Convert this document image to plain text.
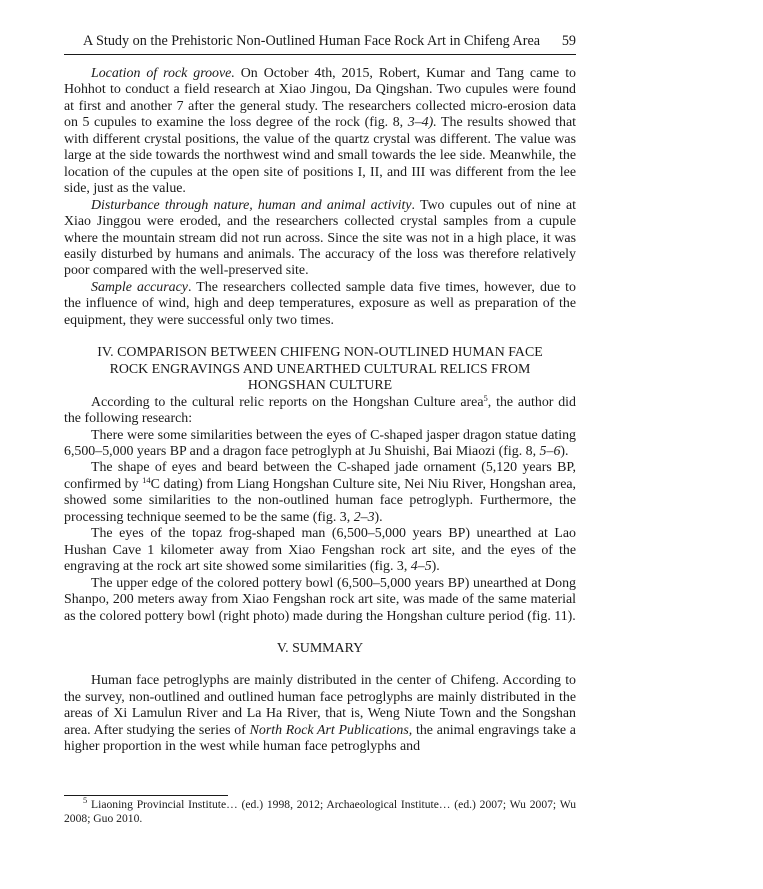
A Study on the Prehistoric Non-Outlined Human Face Rock Art in Chifeng Area 59

Location of rock groove. On October 4th, 2015, Robert, Kumar and Tang came to Hohhot to conduct a field research at Xiao Jingou, Da Qingshan. Two cupules were found at first and another 7 after the general study. The researchers collected micro-erosion data on 5 cupules to examine the loss degree of the rock (fig. 8, 3–4). The results showed that with different crystal positions, the value of the quartz crystal was different. The value was large at the side towards the northwest wind and small towards the lee side. Meanwhile, the location of the cupules at the open site of positions I, II, and III was different from the lee side, just as the value.

Disturbance through nature, human and animal activity. Two cupules out of nine at Xiao Jinggou were eroded, and the researchers collected crystal samples from a cupule where the mountain stream did not run across. Since the site was not in a high place, it was easily disturbed by humans and animals. The accuracy of the loss was therefore relatively poor compared with the well-preserved site.

Sample accuracy. The researchers collected sample data five times, however, due to the influence of wind, high and deep temperatures, exposure as well as preparation of the equipment, they were successful only two times.

IV. COMPARISON BETWEEN CHIFENG NON-OUTLINED HUMAN FACE
ROCK ENGRAVINGS AND UNEARTHED CULTURAL RELICS FROM
HONGSHAN CULTURE

According to the cultural relic reports on the Hongshan Culture area$^5$, the author did the following research:

There were some similarities between the eyes of C-shaped jasper dragon statue dating 6,500–5,000 years BP and a dragon face petroglyph at Ju Shuishi, Bai Miaozi (fig. 8, 5–6).

The shape of eyes and beard between the C-shaped jade ornament (5,120 years BP, confirmed by $^{14}$C dating) from Liang Hongshan Culture site, Nei Niu River, Hongshan area, showed some similarities to the non-outlined human face petroglyph. Furthermore, the processing technique seemed to be the same (fig. 3, 2–3).

The eyes of the topaz frog-shaped man (6,500–5,000 years BP) unearthed at Lao Hushan Cave 1 kilometer away from Xiao Fengshan rock art site, and the eyes of the engraving at the rock art site showed some similarities (fig. 3, 4–5).

The upper edge of the colored pottery bowl (6,500–5,000 years BP) unearthed at Dong Shanpo, 200 meters away from Xiao Fengshan rock art site, was made of the same material as the colored pottery bowl (right photo) made during the Hongshan culture period (fig. 11).

V. SUMMARY

Human face petroglyphs are mainly distributed in the center of Chifeng. According to the survey, non-outlined and outlined human face petroglyphs are mainly distributed in the areas of Xi Lamulun River and La Ha River, that is, Weng Niute Town and the Songshan area. After studying the series of North Rock Art Publications, the animal engravings take a higher proportion in the west while human face petroglyphs and

$^5$ Liaoning Provincial Institute… (ed.) 1998, 2012; Archaeological Institute… (ed.) 2007; Wu 2007; Wu 2008; Guo 2010.
